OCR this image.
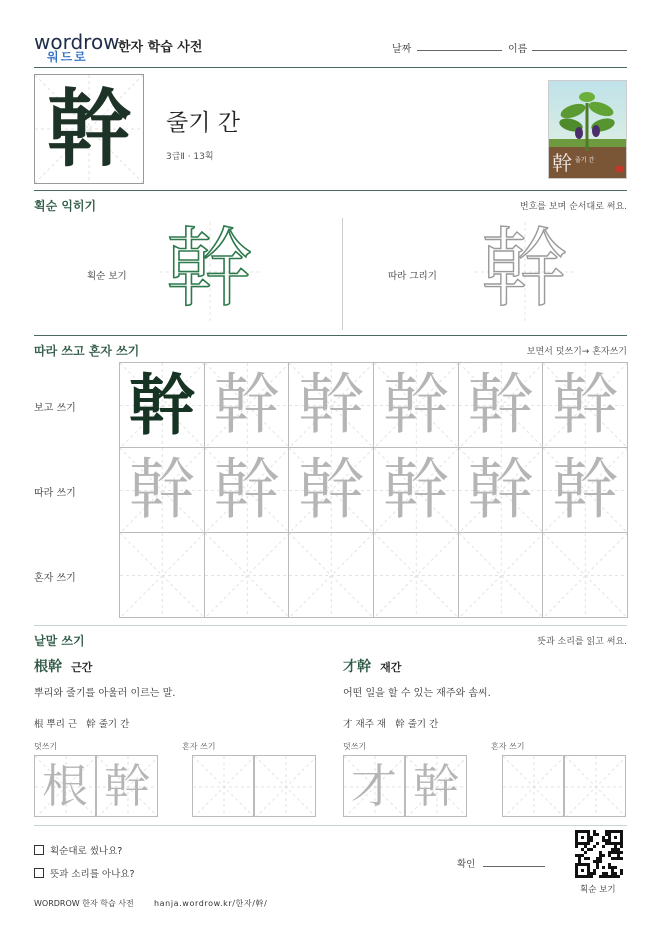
wordrow
워드로
한자 학습 사전	날짜	이름
幹	줄기 간
3급Ⅱ · 13획	幹 줄기 간
획순 익히기	번호를 보며 순서대로 써요.
획순 보기 幹	따라 그리기 幹
따라 쓰고 혼자 쓰기	보면서 덧쓰기→ 혼자쓰기
보고 쓰기
따라 쓰기
혼자 쓰기
幹 幹 幹 幹 幹 幹
幹 幹 幹 幹 幹 幹
낱말 쓰기	뜻과 소리를 읽고 써요.
根幹 근간
뿌리와 줄기를 아울러 이르는 말.
根 뿌리 근 幹 줄기 간
덧쓰기	혼자 쓰기
才幹 재간
어떤 일을 할 수 있는 재주와 솜씨.
才 재주 재 幹 줄기 간
덧쓰기	혼자 쓰기
根 幹	才 幹
획순대로 썼나요?
뜻과 소리를 아나요?
확인
획순 보기
WORDROW 한자 학습 사전	hanja.wordrow.kr/한자/幹/
